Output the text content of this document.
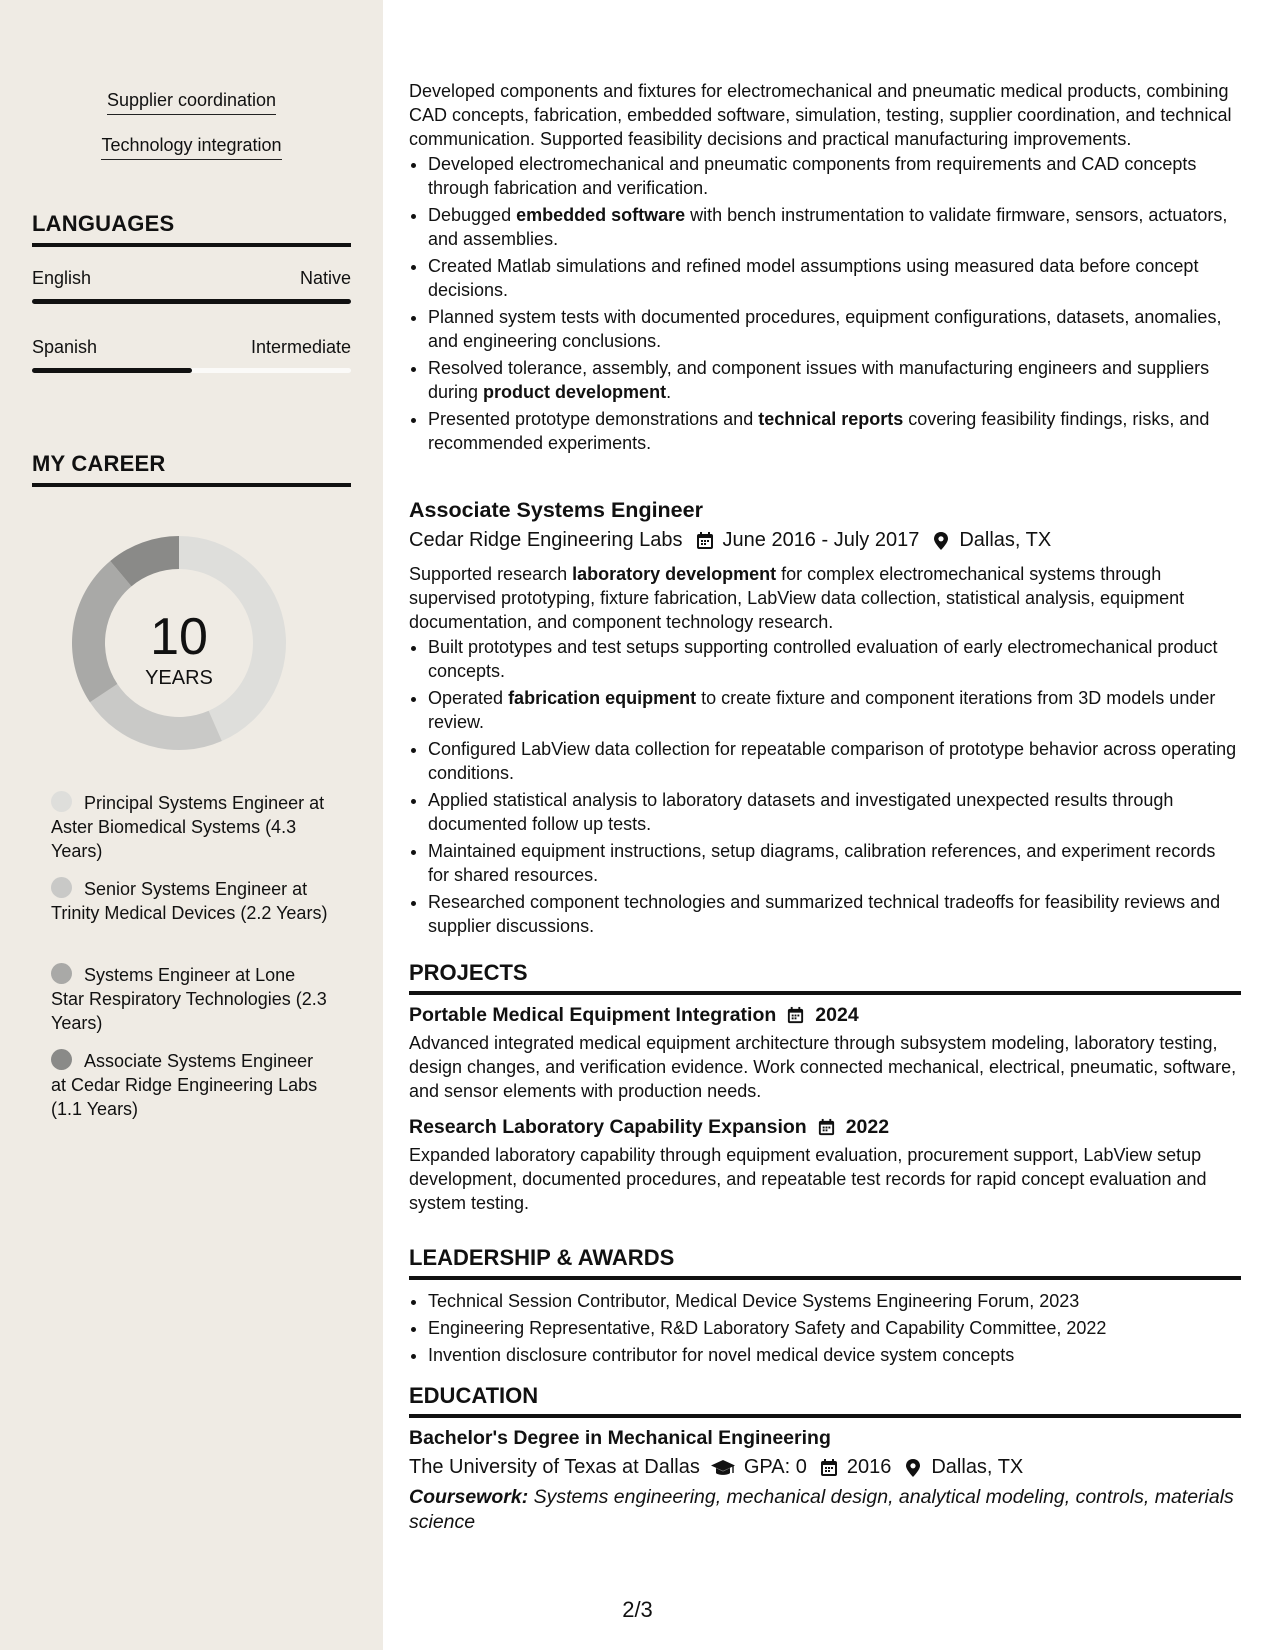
Supplier coordination
Technology integration
LANGUAGES
English	Native
Spanish	Intermediate
MY CAREER
10
YEARS
Principal Systems Engineer at Aster Biomedical Systems (4.3 Years)
Senior Systems Engineer at Trinity Medical Devices (2.2 Years)
Systems Engineer at Lone Star Respiratory Technologies (2.3 Years)
Associate Systems Engineer at Cedar Ridge Engineering Labs (1.1 Years)

Developed components and fixtures for electromechanical and pneumatic medical products, combining CAD concepts, fabrication, embedded software, simulation, testing, supplier coordination, and technical communication. Supported feasibility decisions and practical manufacturing improvements.

• Developed electromechanical and pneumatic components from requirements and CAD concepts through fabrication and verification.
• Debugged embedded software with bench instrumentation to validate firmware, sensors, actuators, and assemblies.
• Created Matlab simulations and refined model assumptions using measured data before concept decisions.
• Planned system tests with documented procedures, equipment configurations, datasets, anomalies, and engineering conclusions.
• Resolved tolerance, assembly, and component issues with manufacturing engineers and suppliers during product development.
• Presented prototype demonstrations and technical reports covering feasibility findings, risks, and recommended experiments.
Associate Systems Engineer
Cedar Ridge Engineering Labs June 2016 - July 2017 Dallas, TX

Supported research laboratory development for complex electromechanical systems through supervised prototyping, fixture fabrication, LabView data collection, statistical analysis, equipment documentation, and component technology research.

• Built prototypes and test setups supporting controlled evaluation of early electromechanical product concepts.
• Operated fabrication equipment to create fixture and component iterations from 3D models under review.
• Configured LabView data collection for repeatable comparison of prototype behavior across operating conditions.
• Applied statistical analysis to laboratory datasets and investigated unexpected results through documented follow up tests.
• Maintained equipment instructions, setup diagrams, calibration references, and experiment records for shared resources.
• Researched component technologies and summarized technical tradeoffs for feasibility reviews and supplier discussions.
PROJECTS
Portable Medical Equipment Integration 2024

Advanced integrated medical equipment architecture through subsystem modeling, laboratory testing, design changes, and verification evidence. Work connected mechanical, electrical, pneumatic, software, and sensor elements with production needs.

Research Laboratory Capability Expansion 2022

Expanded laboratory capability through equipment evaluation, procurement support, LabView setup development, documented procedures, and repeatable test records for rapid concept evaluation and system testing.

LEADERSHIP & AWARDS
• Technical Session Contributor, Medical Device Systems Engineering Forum, 2023
• Engineering Representative, R&D Laboratory Safety and Capability Committee, 2022
• Invention disclosure contributor for novel medical device system concepts
EDUCATION
Bachelor's Degree in Mechanical Engineering
The University of Texas at Dallas GPA: 0 2016 Dallas, TX

Coursework: Systems engineering, mechanical design, analytical modeling, controls, materials science

2/3
